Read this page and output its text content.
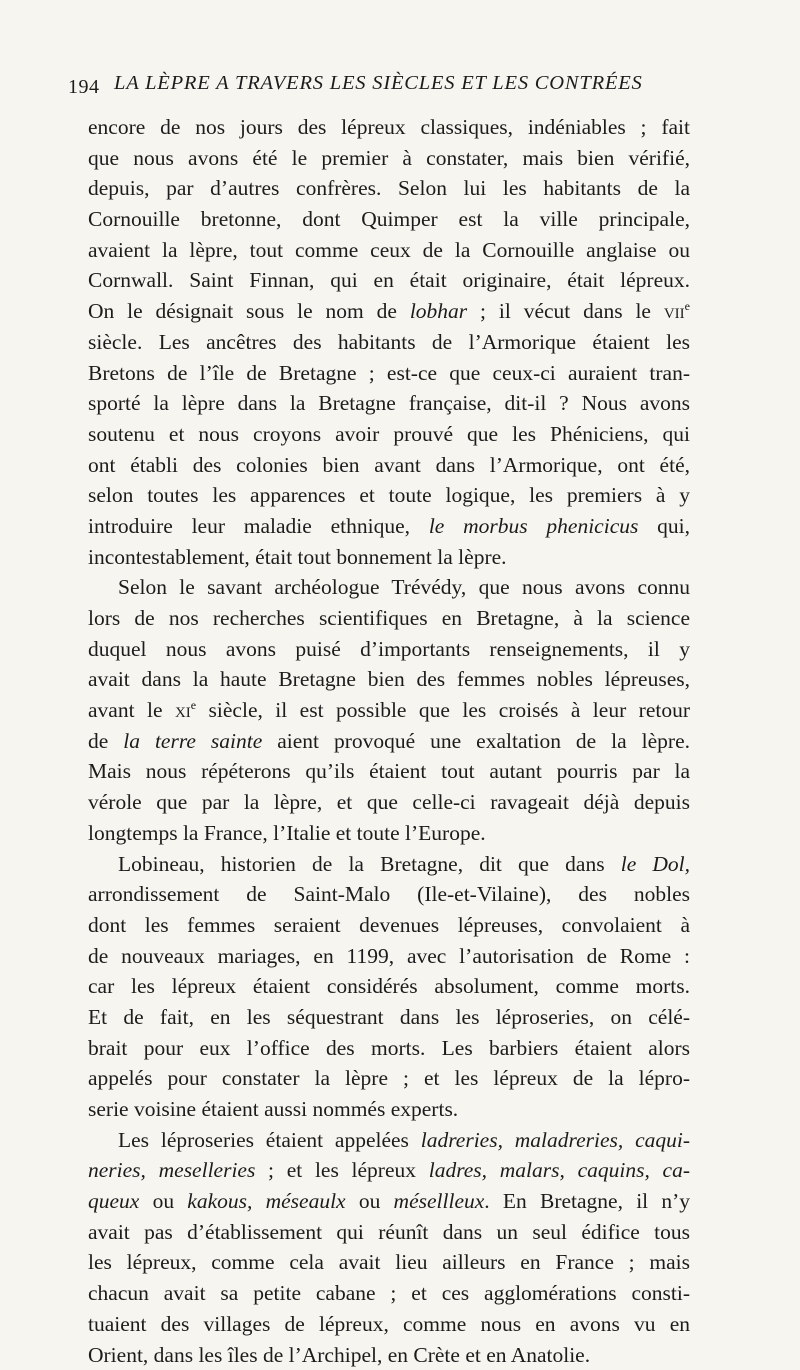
194 LA LÈPRE A TRAVERS LES SIÈCLES ET LES CONTRÉES
encore de nos jours des lépreux classiques, indéniables ; fait
que nous avons été le premier à constater, mais bien vérifié,
depuis, par d’autres confrères. Selon lui les habitants de la
Cornouille bretonne, dont Quimper est la ville principale,
avaient la lèpre, tout comme ceux de la Cornouille anglaise ou
Cornwall. Saint Finnan, qui en était originaire, était lépreux.
On le désignait sous le nom de lobhar ; il vécut dans le vii$^e$
siècle. Les ancêtres des habitants de l’Armorique étaient les
Bretons de l’île de Bretagne ; est-ce que ceux-ci auraient tran-
sporté la lèpre dans la Bretagne française, dit-il ? Nous avons
soutenu et nous croyons avoir prouvé que les Phéniciens, qui
ont établi des colonies bien avant dans l’Armorique, ont été,
selon toutes les apparences et toute logique, les premiers à y
introduire leur maladie ethnique, le morbus phenicicus qui,
incontestablement, était tout bonnement la lèpre.
Selon le savant archéologue Trévédy, que nous avons connu
lors de nos recherches scientifiques en Bretagne, à la science
duquel nous avons puisé d’importants renseignements, il y
avait dans la haute Bretagne bien des femmes nobles lépreuses,
avant le $xi^e$ siècle, il est possible que les croisés à leur retour
de la terre sainte aient provoqué une exaltation de la lèpre.
Mais nous répéterons qu’ils étaient tout autant pourris par la
vérole que par la lèpre, et que celle-ci ravageait déjà depuis
longtemps la France, l’Italie et toute l’Europe.
Lobineau, historien de la Bretagne, dit que dans le Dol,
arrondissement de Saint-Malo (Ile-et-Vilaine), des nobles
dont les femmes seraient devenues lépreuses, convolaient à
de nouveaux mariages, en 1199, avec l’autorisation de Rome :
car les lépreux étaient considérés absolument, comme morts.
Et de fait, en les séquestrant dans les léproseries, on célé-
brait pour eux l’office des morts. Les barbiers étaient alors
appelés pour constater la lèpre ; et les lépreux de la lépro-
serie voisine étaient aussi nommés experts.
Les léproseries étaient appelées ladreries, maladreries, caqui-
neries, meselleries ; et les lépreux ladres, malars, caquins, ca-
queux ou kakous, méseaulx ou mésellleux. En Bretagne, il n’y
avait pas d’établissement qui réunît dans un seul édifice tous
les lépreux, comme cela avait lieu ailleurs en France ; mais
chacun avait sa petite cabane ; et ces agglomérations consti-
tuaient des villages de lépreux, comme nous en avons vu en
Orient, dans les îles de l’Archipel, en Crète et en Anatolie.
